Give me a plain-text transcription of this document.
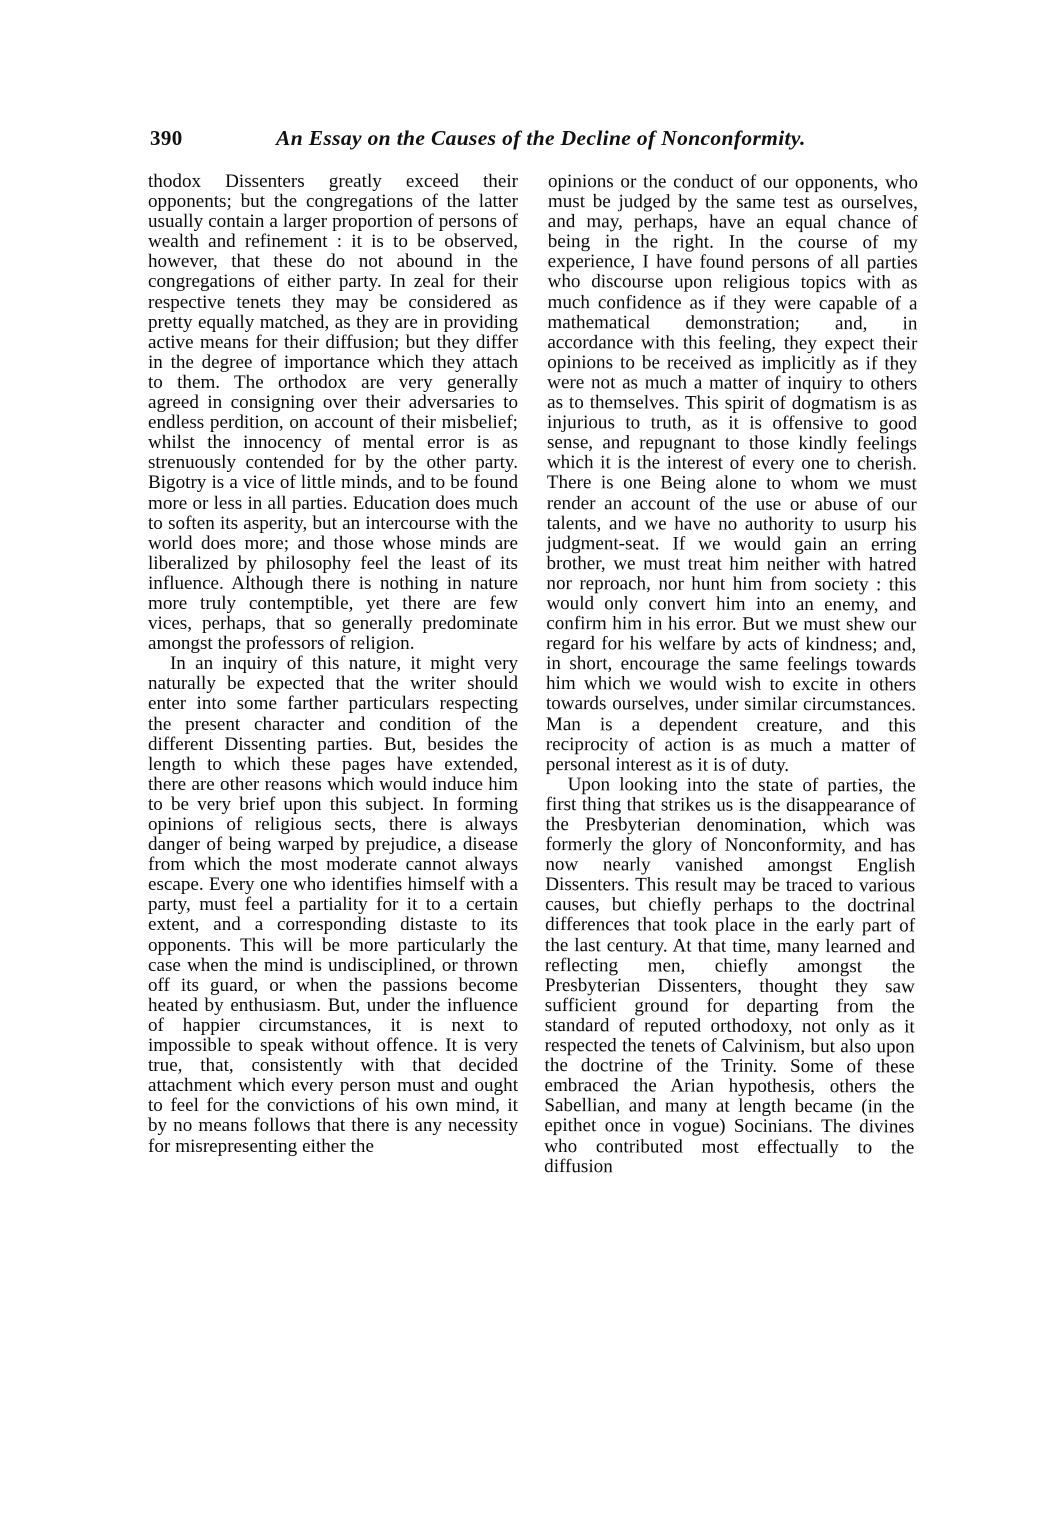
390	An Essay on the Causes of the Decline of Nonconformity.

thodox Dissenters greatly exceed their opponents; but the congregations of the latter usually contain a larger proportion of persons of wealth and refinement : it is to be observed, however, that these do not abound in the congregations of either party. In zeal for their respective tenets they may be considered as pretty equally matched, as they are in providing active means for their diffusion; but they differ in the degree of importance which they attach to them. The orthodox are very generally agreed in consigning over their adversaries to endless perdition, on account of their misbelief; whilst the innocency of mental error is as strenuously contended for by the other party. Bigotry is a vice of little minds, and to be found more or less in all parties. Education does much to soften its asperity, but an intercourse with the world does more; and those whose minds are liberalized by philosophy feel the least of its influence. Although there is nothing in nature more truly contemptible, yet there are few vices, perhaps, that so generally predominate amongst the professors of religion.

In an inquiry of this nature, it might very naturally be expected that the writer should enter into some farther particulars respecting the present character and condition of the different Dissenting parties. But, besides the length to which these pages have extended, there are other reasons which would induce him to be very brief upon this subject. In forming opinions of religious sects, there is always danger of being warped by prejudice, a disease from which the most moderate cannot always escape. Every one who identifies himself with a party, must feel a partiality for it to a certain extent, and a corresponding distaste to its opponents. This will be more particularly the case when the mind is undisciplined, or thrown off its guard, or when the passions become heated by enthusiasm. But, under the influence of happier circumstances, it is next to impossible to speak without offence. It is very true, that, consistently with that decided attachment which every person must and ought to feel for the convictions of his own mind, it by no means follows that there is any necessity for misrepresenting either the

opinions or the conduct of our opponents, who must be judged by the same test as ourselves, and may, perhaps, have an equal chance of being in the right. In the course of my experience, I have found persons of all parties who discourse upon religious topics with as much confidence as if they were capable of a mathematical demonstration; and, in accordance with this feeling, they expect their opinions to be received as implicitly as if they were not as much a matter of inquiry to others as to themselves. This spirit of dogmatism is as injurious to truth, as it is offensive to good sense, and repugnant to those kindly feelings which it is the interest of every one to cherish. There is one Being alone to whom we must render an account of the use or abuse of our talents, and we have no authority to usurp his judgment-seat. If we would gain an erring brother, we must treat him neither with hatred nor reproach, nor hunt him from society : this would only convert him into an enemy, and confirm him in his error. But we must shew our regard for his welfare by acts of kindness; and, in short, encourage the same feelings towards him which we would wish to excite in others towards ourselves, under similar circumstances. Man is a dependent creature, and this reciprocity of action is as much a matter of personal interest as it is of duty.

Upon looking into the state of parties, the first thing that strikes us is the disappearance of the Presbyterian denomination, which was formerly the glory of Nonconformity, and has now nearly vanished amongst English Dissenters. This result may be traced to various causes, but chiefly perhaps to the doctrinal differences that took place in the early part of the last century. At that time, many learned and reflecting men, chiefly amongst the Presbyterian Dissenters, thought they saw sufficient ground for departing from the standard of reputed orthodoxy, not only as it respected the tenets of Calvinism, but also upon the doctrine of the Trinity. Some of these embraced the Arian hypothesis, others the Sabellian, and many at length became (in the epithet once in vogue) Socinians. The divines who contributed most effectually to the diffusion
